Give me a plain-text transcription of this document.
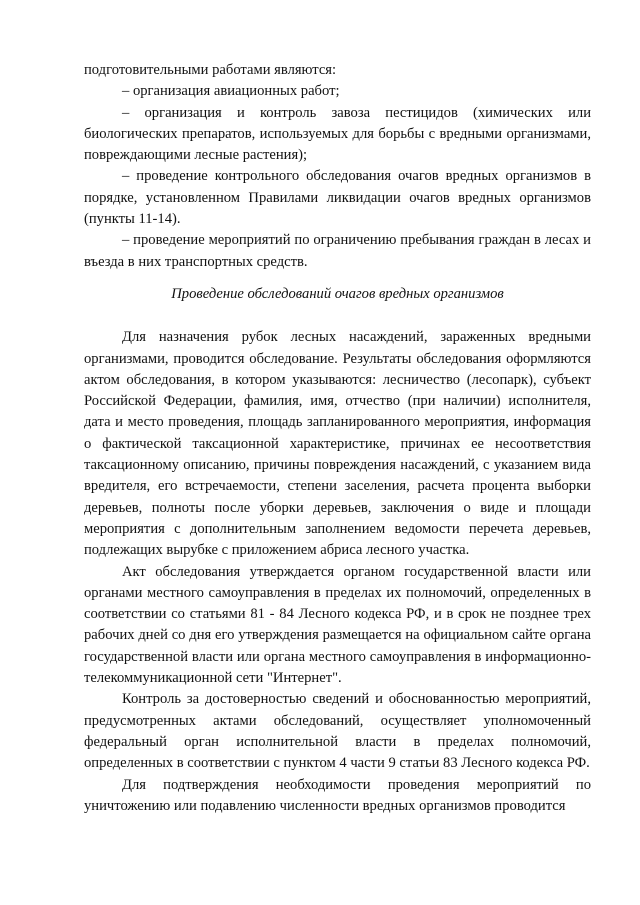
подготовительными работами являются:

– организация авиационных работ;

– организация и контроль завоза пестицидов (химических или биологических препаратов, используемых для борьбы с вредными организмами, повреждающими лесные растения);

– проведение контрольного обследования очагов вредных организмов в порядке, установленном Правилами ликвидации очагов вредных организмов (пункты 11-14).

– проведение мероприятий по ограничению пребывания граждан в лесах и въезда в них транспортных средств.

Проведение обследований очагов вредных организмов

Для назначения рубок лесных насаждений, зараженных вредными организмами, проводится обследование. Результаты обследования оформляются актом обследования, в котором указываются: лесничество (лесопарк), субъект Российской Федерации, фамилия, имя, отчество (при наличии) исполнителя, дата и место проведения, площадь запланированного мероприятия, информация о фактической таксационной характеристике, причинах ее несоответствия таксационному описанию, причины повреждения насаждений, с указанием вида вредителя, его встречаемости, степени заселения, расчета процента выборки деревьев, полноты после уборки деревьев, заключения о виде и площади мероприятия с дополнительным заполнением ведомости перечета деревьев, подлежащих вырубке с приложением абриса лесного участка.

Акт обследования утверждается органом государственной власти или органами местного самоуправления в пределах их полномочий, определенных в соответствии со статьями 81 - 84 Лесного кодекса РФ, и в срок не позднее трех рабочих дней со дня его утверждения размещается на официальном сайте органа государственной власти или органа местного самоуправления в информационно-телекоммуникационной сети "Интернет".

Контроль за достоверностью сведений и обоснованностью мероприятий, предусмотренных актами обследований, осуществляет уполномоченный федеральный орган исполнительной власти в пределах полномочий, определенных в соответствии с пунктом 4 части 9 статьи 83 Лесного кодекса РФ.

Для подтверждения необходимости проведения мероприятий по уничтожению или подавлению численности вредных организмов проводится
